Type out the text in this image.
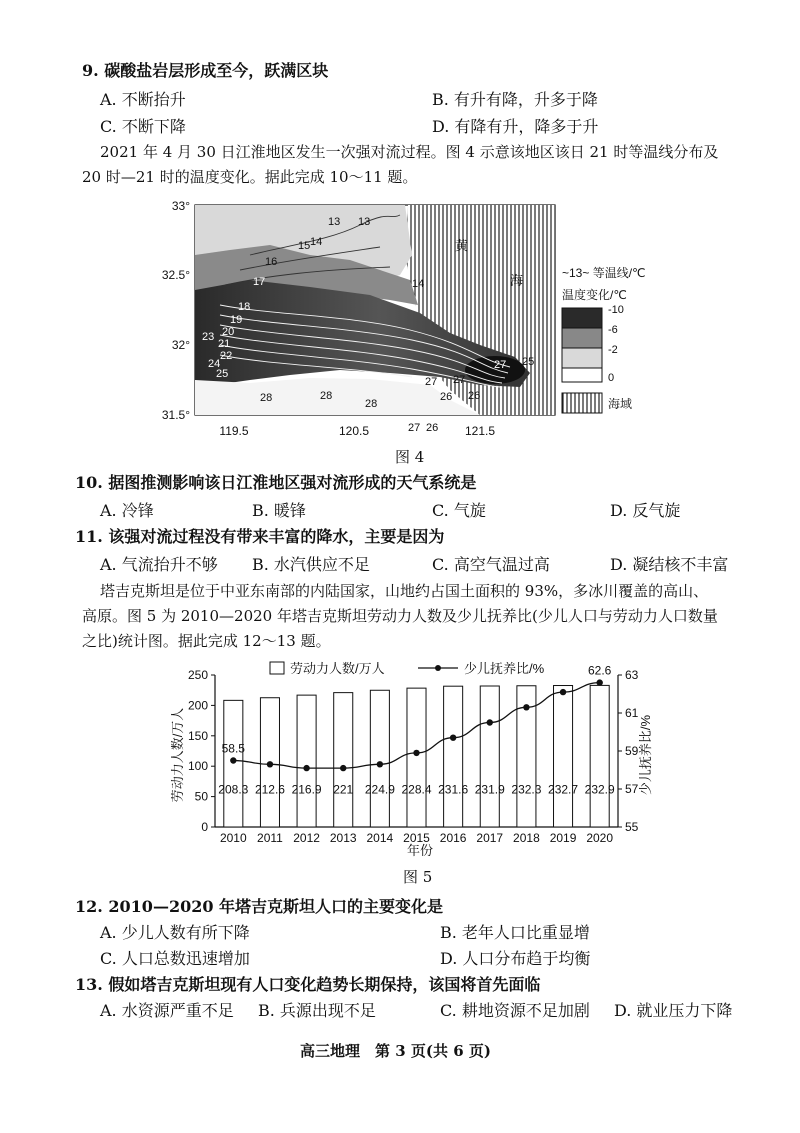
9. 碳酸盐岩层形成至今，跃满区块
A. 不断抬升	B. 有升有降，升多于降
C. 不断下降	D. 有降有升，降多于升
2021 年 4 月 30 日江淮地区发生一次强对流过程。图 4 示意该地区该日 21 时等温线分布及
20 时—21 时的温度变化。据此完成 10～11 题。
13 13
15 14
16
14
17
18
19
20
21
22
23
24
25
28
28
27 26
27
26
25
27
27
26
28
黄
海
33°
32.5°
32°
31.5°
119.5	120.5	121.5
~13~ 等温线/℃
温度变化/℃
-10
-6
-2
0
海域
图 4
10. 据图推测影响该日江淮地区强对流形成的天气系统是
A. 冷锋	B. 暖锋	C. 气旋	D. 反气旋
11. 该强对流过程没有带来丰富的降水，主要是因为
A. 气流抬升不够 B. 水汽供应不足	C. 高空气温过高	D. 凝结核不丰富
塔吉克斯坦是位于中亚东南部的内陆国家，山地约占国土面积的 93%，多冰川覆盖的高山、
高原。图 5 为 2010—2020 年塔吉克斯坦劳动力人数及少儿抚养比(少儿人口与劳动力人口数量
之比)统计图。据此完成 12～13 题。
0
50
100
150
200
250
55
57
59
61
63
208.3
2010
212.6
2011
216.9
2012
221
2013
224.9
2014
228.4
2015
231.6
2016
231.9
2017
232.3
2018
232.7
2019
232.9
2020
58.5
62.6
劳动力人数/万人	少儿抚养比/%
劳动力人数/万人	少儿抚养比/%
年份
图 5
12. 2010—2020 年塔吉克斯坦人口的主要变化是
A. 少儿人数有所下降	B. 老年人口比重显增
C. 人口总数迅速增加	D. 人口分布趋于均衡
13. 假如塔吉克斯坦现有人口变化趋势长期保持，该国将首先面临
A. 水资源严重不足 B. 兵源出现不足	C. 耕地资源不足加剧 D. 就业压力下降
高三地理　第 3 页(共 6 页)
